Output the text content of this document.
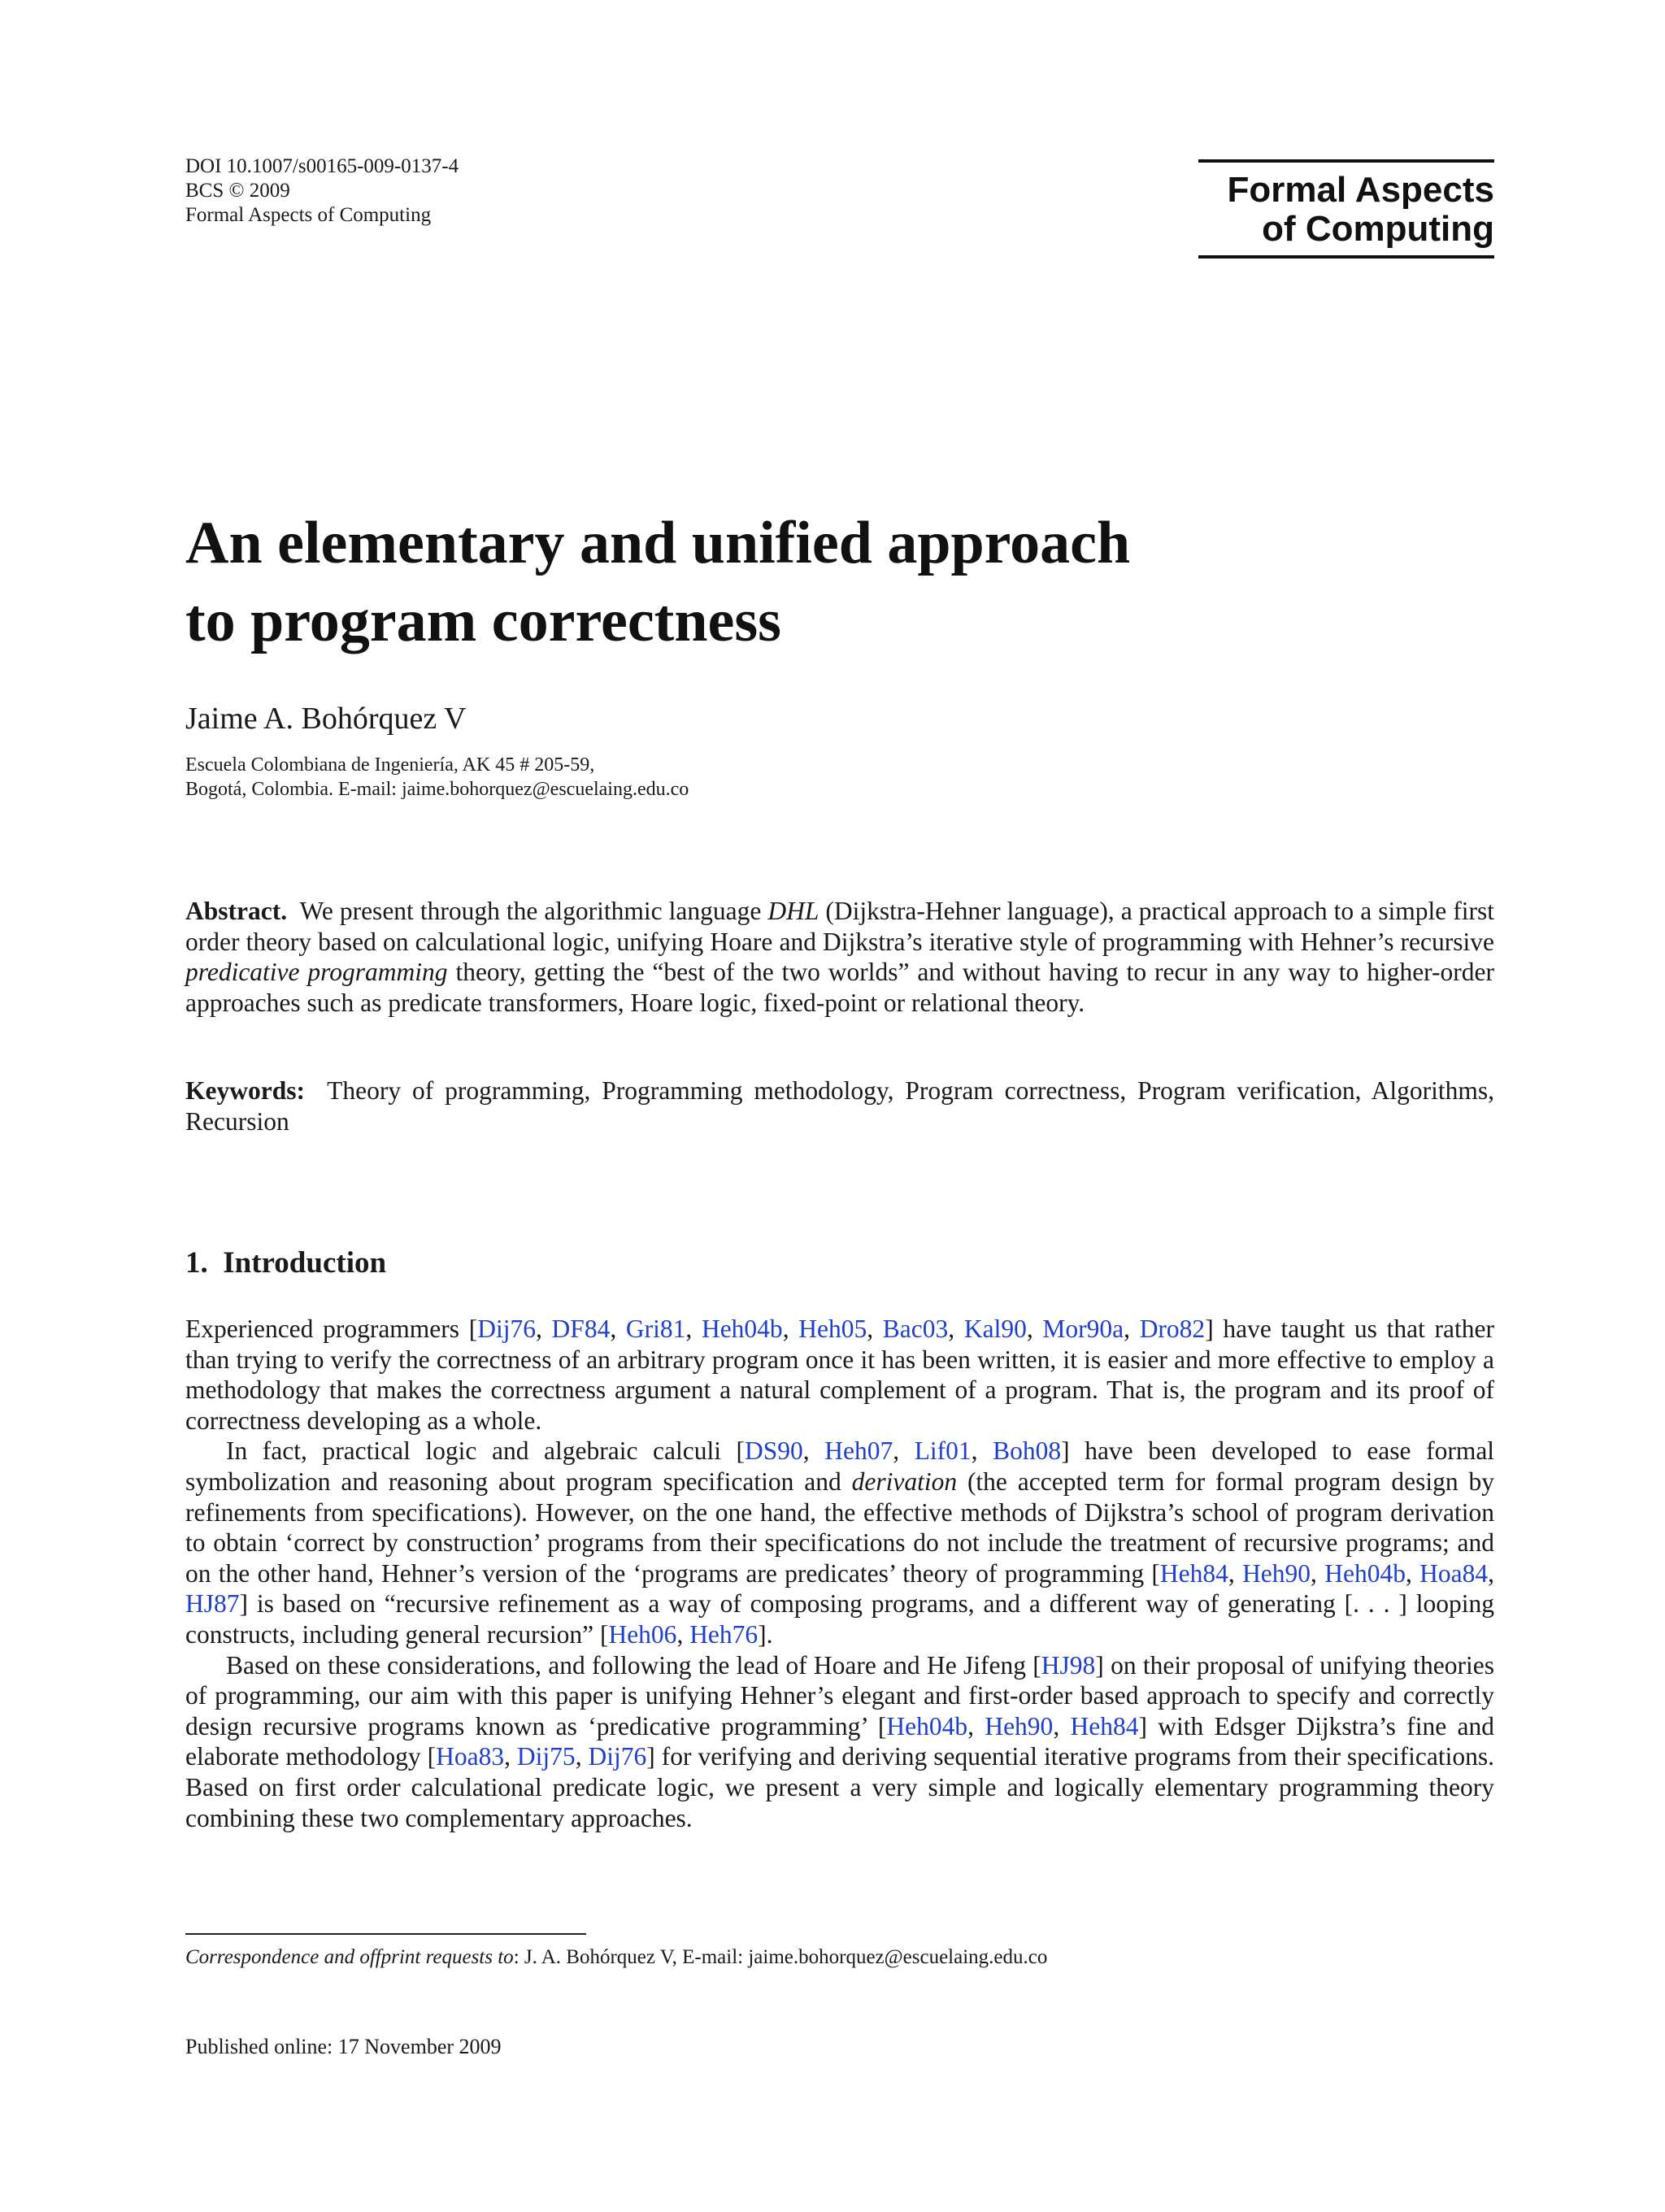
DOI 10.1007/s00165-009-0137-4
BCS © 2009
Formal Aspects of Computing
Formal Aspects
of Computing
An elementary and unified approach
to program correctness
Jaime A. Bohórquez V
Escuela Colombiana de Ingeniería, AK 45 # 205-59,
Bogotá, Colombia. E-mail: jaime.bohorquez@escuelaing.edu.co

Abstract. We present through the algorithmic language DHL (Dijkstra-Hehner language), a practical approach to a simple first order theory based on calculational logic, unifying Hoare and Dijkstra’s iterative style of programming with Hehner’s recursive predicative programming theory, getting the “best of the two worlds” and without having to recur in any way to higher-order approaches such as predicate transformers, Hoare logic, fixed-point or relational theory.

Keywords: Theory of programming, Programming methodology, Program correctness, Program verification, Algorithms, Recursion

1. Introduction

Experienced programmers [Dij76, DF84, Gri81, Heh04b, Heh05, Bac03, Kal90, Mor90a, Dro82] have taught us that rather than trying to verify the correctness of an arbitrary program once it has been written, it is easier and more effective to employ a methodology that makes the correctness argument a natural complement of a program. That is, the program and its proof of correctness developing as a whole.

In fact, practical logic and algebraic calculi [DS90, Heh07, Lif01, Boh08] have been developed to ease formal symbolization and reasoning about program specification and derivation (the accepted term for formal program design by refinements from specifications). However, on the one hand, the effective methods of Dijkstra’s school of program derivation to obtain ‘correct by construction’ programs from their specifications do not include the treatment of recursive programs; and on the other hand, Hehner’s version of the ‘programs are predicates’ theory of programming [Heh84, Heh90, Heh04b, Hoa84, HJ87] is based on “recursive refinement as a way of composing programs, and a different way of generating [. . . ] looping constructs, including general recursion” [Heh06, Heh76].

Based on these considerations, and following the lead of Hoare and He Jifeng [HJ98] on their proposal of unifying theories of programming, our aim with this paper is unifying Hehner’s elegant and first-order based approach to specify and correctly design recursive programs known as ‘predicative programming’ [Heh04b, Heh90, Heh84] with Edsger Dijkstra’s fine and elaborate methodology [Hoa83, Dij75, Dij76] for verifying and deriving sequential iterative programs from their specifications. Based on first order calculational predicate logic, we present a very simple and logically elementary programming theory combining these two complementary approaches.

Correspondence and offprint requests to: J. A. Bohórquez V, E-mail: jaime.bohorquez@escuelaing.edu.co
Published online: 17 November 2009
